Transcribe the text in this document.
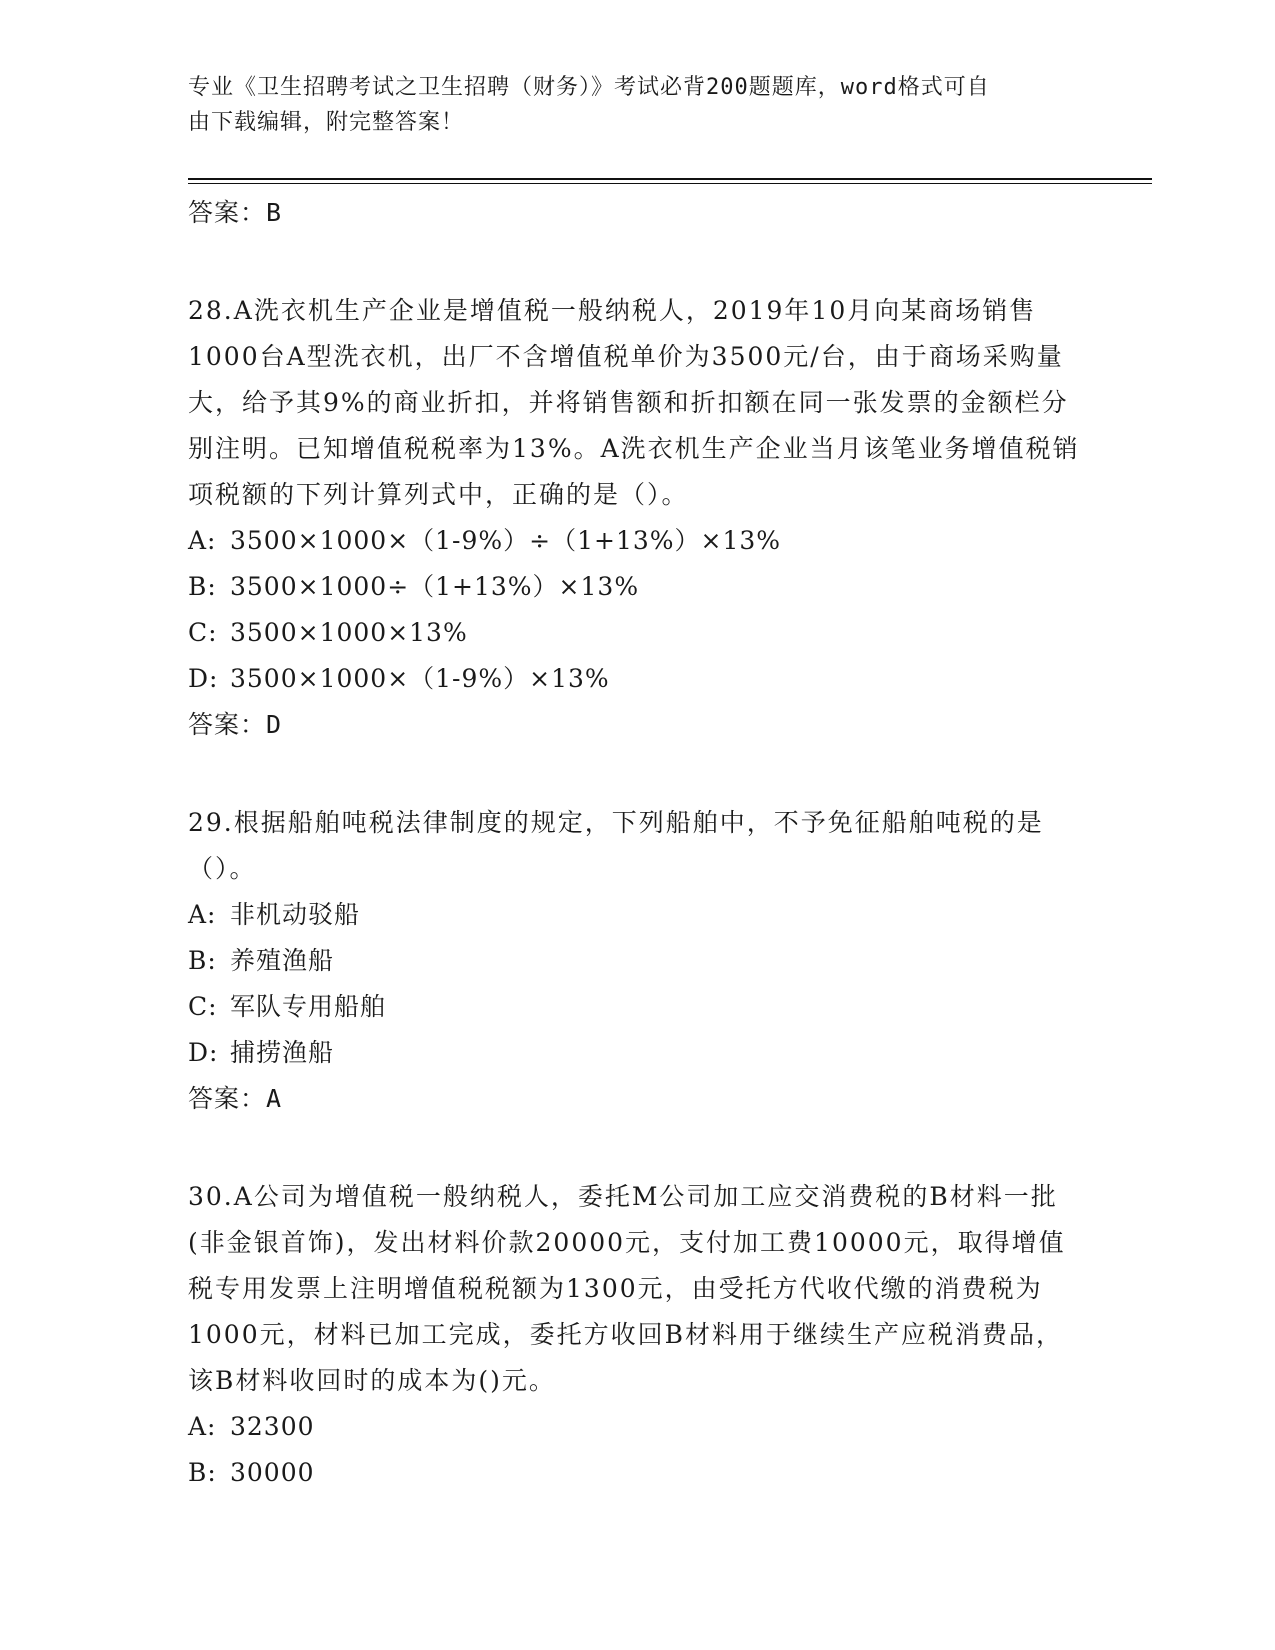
专业《卫生招聘考试之卫生招聘（财务）》考试必背200题题库，word格式可自
由下载编辑，附完整答案！
答案：B
28.A洗衣机生产企业是增值税一般纳税人，2019年10月向某商场销售1000台A型洗衣机，出厂不含增值税单价为3500元/台，由于商场采购量大，给予其9%的商业折扣，并将销售额和折扣额在同一张发票的金额栏分别注明。已知增值税税率为13%。A洗衣机生产企业当月该笔业务增值税销项税额的下列计算列式中，正确的是（）。
A: 3500×1000×（1-9%）÷（1+13%）×13%
B: 3500×1000÷（1+13%）×13%
C: 3500×1000×13%
D: 3500×1000×（1-9%）×13%
答案：D
29.根据船舶吨税法律制度的规定，下列船舶中，不予免征船舶吨税的是（）。
A: 非机动驳船
B: 养殖渔船
C: 军队专用船舶
D: 捕捞渔船
答案：A
30.A公司为增值税一般纳税人，委托M公司加工应交消费税的B材料一批(非金银首饰)，发出材料价款20000元，支付加工费10000元，取得增值税专用发票上注明增值税税额为1300元，由受托方代收代缴的消费税为1000元，材料已加工完成，委托方收回B材料用于继续生产应税消费品，该B材料收回时的成本为()元。
A: 32300
B: 30000
